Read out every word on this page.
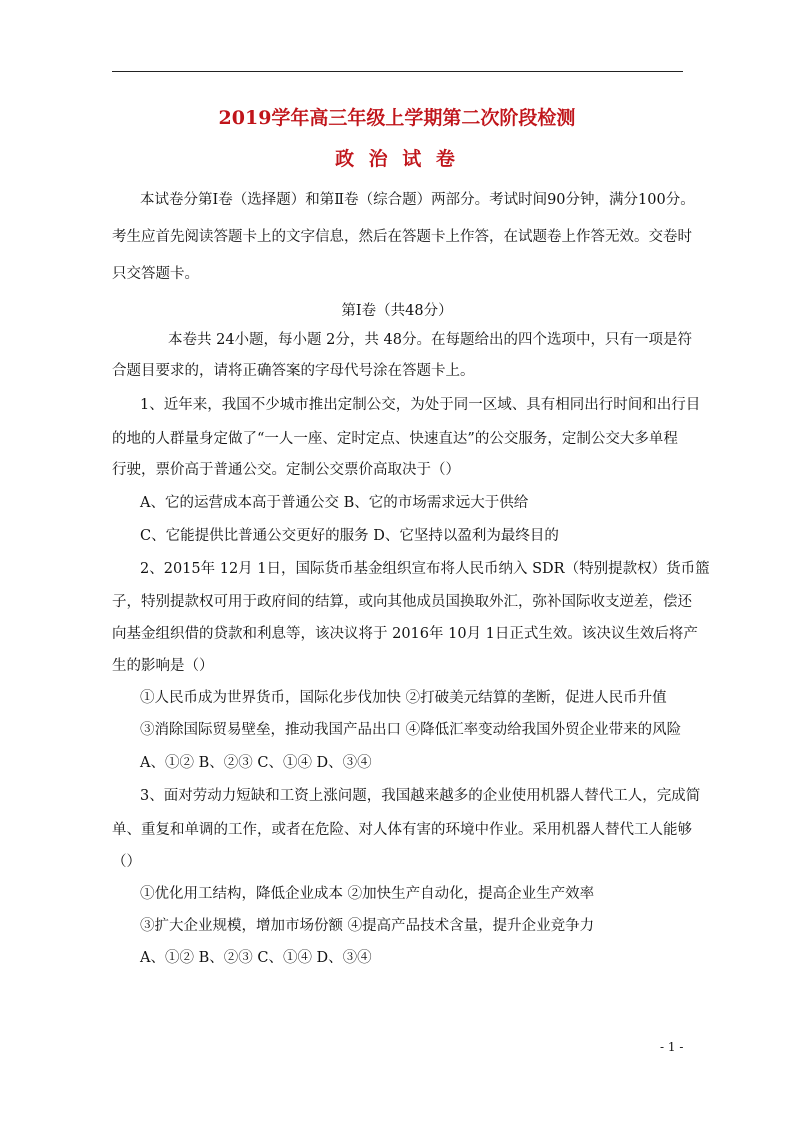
2019学年高三年级上学期第二次阶段检测
政 治 试 卷
本试卷分第Ⅰ卷（选择题）和第Ⅱ卷（综合题）两部分。考试时间90分钟，满分100分。
考生应首先阅读答题卡上的文字信息，然后在答题卡上作答，在试题卷上作答无效。交卷时
只交答题卡。
第Ⅰ卷（共48分）
本卷共 24小题，每小题 2分，共 48分。在每题给出的四个选项中，只有一项是符
合题目要求的，请将正确答案的字母代号涂在答题卡上。
1、近年来，我国不少城市推出定制公交，为处于同一区域、具有相同出行时间和出行目
的地的人群量身定做了“一人一座、定时定点、快速直达”的公交服务，定制公交大多单程
行驶，票价高于普通公交。定制公交票价高取决于（）
A、它的运营成本高于普通公交 B、它的市场需求远大于供给
C、它能提供比普通公交更好的服务 D、它坚持以盈利为最终目的
2、2015年 12月 1日，国际货币基金组织宣布将人民币纳入 SDR（特别提款权）货币篮
子，特别提款权可用于政府间的结算，或向其他成员国换取外汇，弥补国际收支逆差，偿还
向基金组织借的贷款和利息等，该决议将于 2016年 10月 1日正式生效。该决议生效后将产
生的影响是（）
①人民币成为世界货币，国际化步伐加快 ②打破美元结算的垄断，促进人民币升值
③消除国际贸易壁垒，推动我国产品出口 ④降低汇率变动给我国外贸企业带来的风险
A、①② B、②③ C、①④ D、③④
3、面对劳动力短缺和工资上涨问题，我国越来越多的企业使用机器人替代工人，完成简
单、重复和单调的工作，或者在危险、对人体有害的环境中作业。采用机器人替代工人能够
（）
①优化用工结构，降低企业成本 ②加快生产自动化，提高企业生产效率
③扩大企业规模，增加市场份额 ④提高产品技术含量，提升企业竞争力
A、①② B、②③ C、①④ D、③④
- 1 -
